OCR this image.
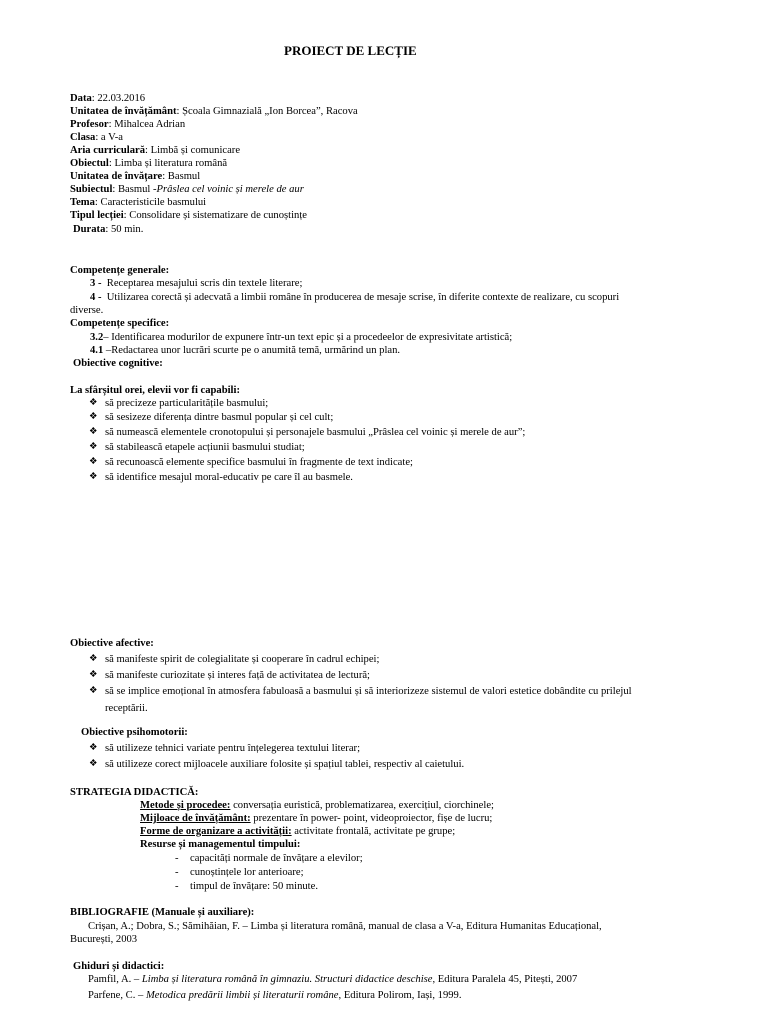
PROIECT DE LECȚIE
Data: 22.03.2016
Unitatea de învățământ: Școala Gimnazială „Ion Borcea”, Racova
Profesor: Mihalcea Adrian
Clasa: a V-a
Aria curriculară: Limbă și comunicare
Obiectul: Limba și literatura română
Unitatea de învățare: Basmul
Subiectul: Basmul -Prâslea cel voinic și merele de aur
Tema: Caracteristicile basmului
Tipul lecției: Consolidare și sistematizare de cunoștințe
Durata: 50 min.
Competențe generale:
3 - Receptarea mesajului scris din textele literare;
4 - Utilizarea corectă și adecvată a limbii române în producerea de mesaje scrise, în diferite contexte de realizare, cu scopuri
diverse.
Competențe specifice:
3.2– Identificarea modurilor de expunere într-un text epic și a procedeelor de expresivitate artistică;
4.1 –Redactarea unor lucrări scurte pe o anumită temă, urmărind un plan.
Obiective cognitive:
La sfârșitul orei, elevii vor fi capabili:
❖ să precizeze particularitățile basmului;
❖ să sesizeze diferența dintre basmul popular și cel cult;
❖ să numească elementele cronotopului și personajele basmului „Prâslea cel voinic și merele de aur”;
❖ să stabilească etapele acțiunii basmului studiat;
❖ să recunoască elemente specifice basmului în fragmente de text indicate;
❖ să identifice mesajul moral-educativ pe care îl au basmele.
Obiective afective:
❖ să manifeste spirit de colegialitate și cooperare în cadrul echipei;
❖ să manifeste curiozitate și interes față de activitatea de lectură;
❖ să se implice emoțional în atmosfera fabuloasă a basmului și să interiorizeze sistemul de valori estetice dobândite cu prilejul
receptării.
Obiective psihomotorii:
❖ să utilizeze tehnici variate pentru înțelegerea textului literar;
❖ să utilizeze corect mijloacele auxiliare folosite și spațiul tablei, respectiv al caietului.
STRATEGIA DIDACTICĂ:
Metode și procedee: conversația euristică, problematizarea, exercițiul, ciorchinele;
Mijloace de învățământ: prezentare în power- point, videoproiector, fișe de lucru;
Forme de organizare a activității: activitate frontală, activitate pe grupe;
Resurse și managementul timpului:
- capacități normale de învățare a elevilor;
- cunoștințele lor anterioare;
- timpul de învățare: 50 minute.
BIBLIOGRAFIE (Manuale și auxiliare):
Crișan, A.; Dobra, S.; Sămihăian, F. – Limba și literatura română, manual de clasa a V-a, Editura Humanitas Educațional,
București, 2003
Ghiduri și didactici:
Pamfil, A. – Limba și literatura română în gimnaziu. Structuri didactice deschise, Editura Paralela 45, Pitești, 2007
Parfene, C. – Metodica predării limbii și literaturii române, Editura Polirom, Iași, 1999.
